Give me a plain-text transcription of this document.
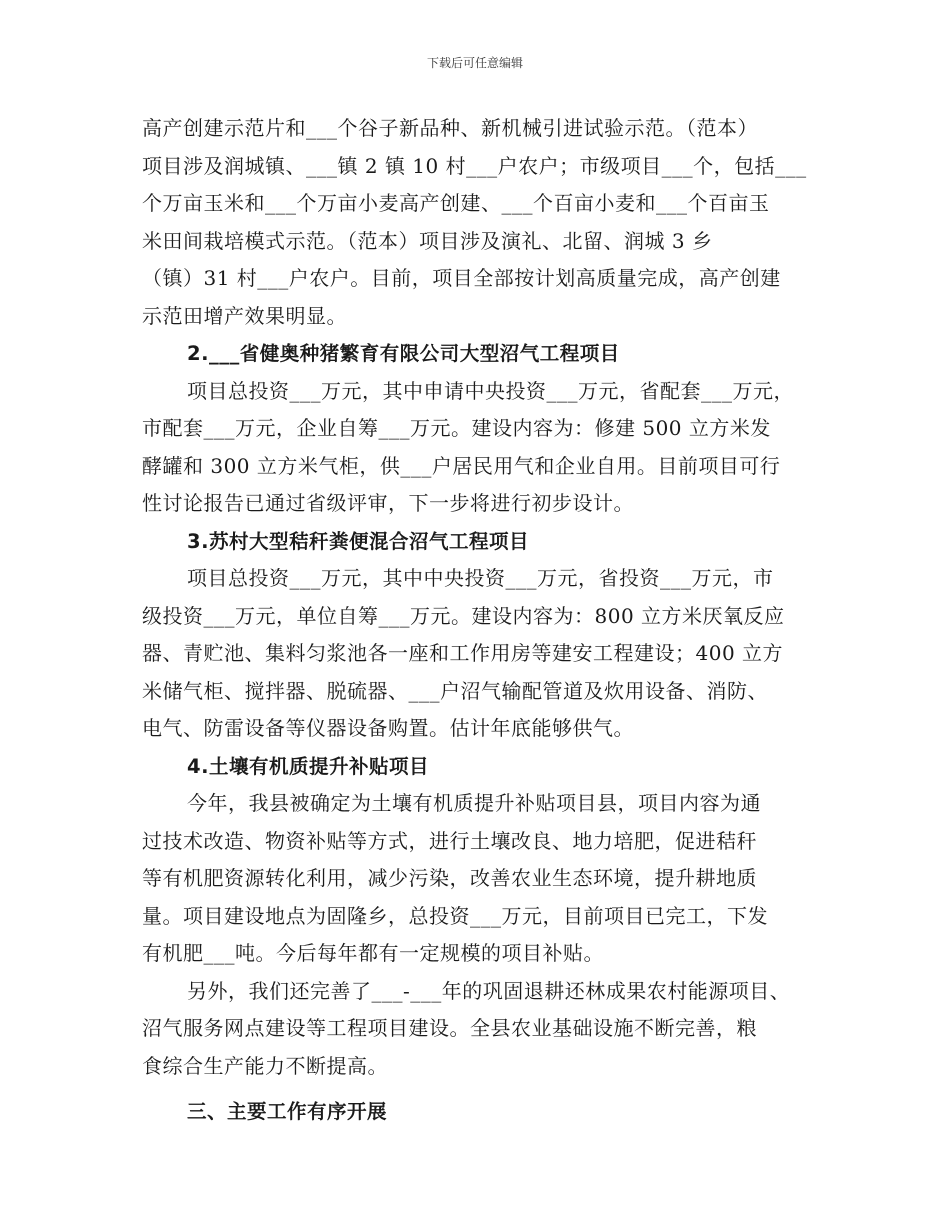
下载后可任意编辑
高产创建示范片和___个谷子新品种、新机械引进试验示范。（范本）
项目涉及润城镇、___镇 2 镇 10 村___户农户；市级项目___个，包括___
个万亩玉米和___个万亩小麦高产创建、___个百亩小麦和___个百亩玉
米田间栽培模式示范。（范本）项目涉及演礼、北留、润城 3 乡
（镇）31 村___户农户。目前，项目全部按计划高质量完成，高产创建
示范田增产效果明显。
2.___省健奥种猪繁育有限公司大型沼气工程项目
项目总投资___万元，其中申请中央投资___万元，省配套___万元，
市配套___万元，企业自筹___万元。建设内容为：修建 500 立方米发
酵罐和 300 立方米气柜，供___户居民用气和企业自用。目前项目可行
性讨论报告已通过省级评审，下一步将进行初步设计。
3.苏村大型秸秆粪便混合沼气工程项目
项目总投资___万元，其中中央投资___万元，省投资___万元，市
级投资___万元，单位自筹___万元。建设内容为：800 立方米厌氧反应
器、青贮池、集料匀浆池各一座和工作用房等建安工程建设；400 立方
米储气柜、搅拌器、脱硫器、___户沼气输配管道及炊用设备、消防、
电气、防雷设备等仪器设备购置。估计年底能够供气。
4.土壤有机质提升补贴项目
今年，我县被确定为土壤有机质提升补贴项目县，项目内容为通
过技术改造、物资补贴等方式，进行土壤改良、地力培肥，促进秸秆
等有机肥资源转化利用，减少污染，改善农业生态环境，提升耕地质
量。项目建设地点为固隆乡，总投资___万元，目前项目已完工，下发
有机肥___吨。今后每年都有一定规模的项目补贴。
另外，我们还完善了___-___年的巩固退耕还林成果农村能源项目、
沼气服务网点建设等工程项目建设。全县农业基础设施不断完善，粮
食综合生产能力不断提高。
三、主要工作有序开展
